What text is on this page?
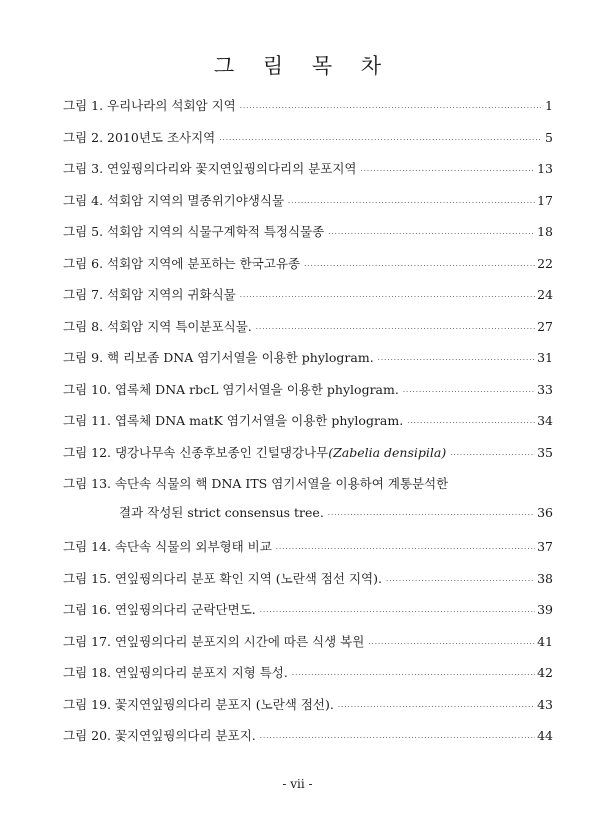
그 림 목 차
그림 1. 우리나라의 석회암 지역 ·····	1
그림 2. 2010년도 조사지역 ·····	5
그림 3. 연잎꿩의다리와 꽃지연잎꿩의다리의 분포지역 ·····	13
그림 4. 석회암 지역의 멸종위기야생식물 ·····	17
그림 5. 석회암 지역의 식물구계학적 특정식물종 ·····	18
그림 6. 석회암 지역에 분포하는 한국고유종 ·····	22
그림 7. 석회암 지역의 귀화식물 ·····	24
그림 8. 석회암 지역 특이분포식물. ·····	27
그림 9. 핵 리보좀 DNA 염기서열을 이용한 phylogram. ·····	31
그림 10. 엽록체 DNA rbcL 염기서열을 이용한 phylogram. ·····	33
그림 11. 엽록체 DNA matK 염기서열을 이용한 phylogram. ·····	34
그림 12. 댕강나무속 신종후보종인 긴털댕강나무(Zabelia densipila) ·····	35
그림 13. 속단속 식물의 핵 DNA ITS 염기서열을 이용하여 계통분석한
결과 작성된 strict consensus tree. ·····	36
그림 14. 속단속 식물의 외부형태 비교 ·····	37
그림 15. 연잎꿩의다리 분포 확인 지역 (노란색 점선 지역). ·····	38
그림 16. 연잎꿩의다리 군락단면도. ·····	39
그림 17. 연잎꿩의다리 분포지의 시간에 따른 식생 복원 ·····	41
그림 18. 연잎꿩의다리 분포지 지형 특성. ·····	42
그림 19. 꽃지연잎꿩의다리 분포지 (노란색 점선). ·····	43
그림 20. 꽃지연잎꿩의다리 분포지. ·····	44
- vii -
